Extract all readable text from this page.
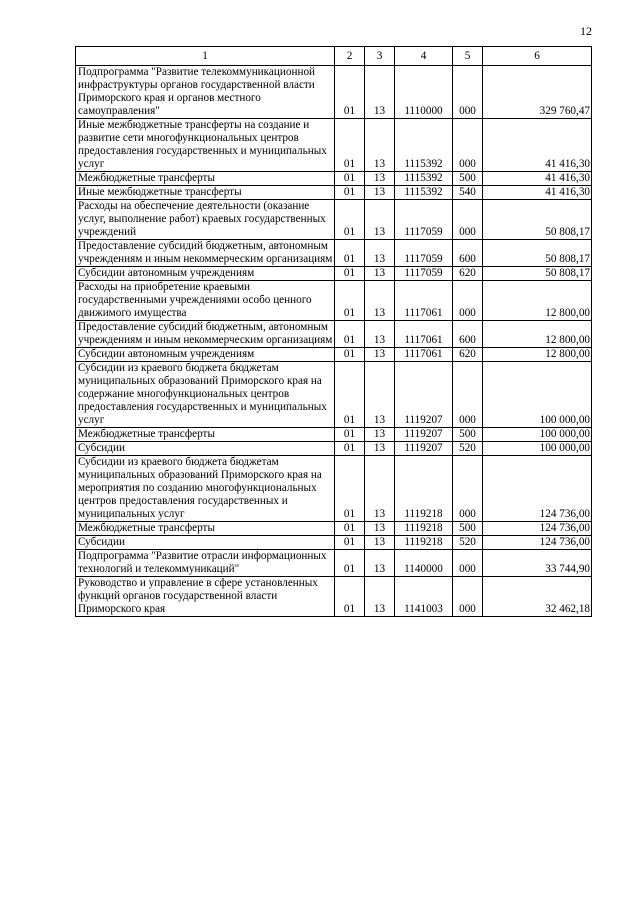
12
1	2	3	4	5	6
Подпрограмма "Развитие телекоммуникационной инфраструктуры органов государственной власти Приморского края и органов местного самоуправления"	01	13	1110000	000	329 760,47
Иные межбюджетные трансферты на создание и развитие сети многофункциональных центров предоставления государственных и муниципальных услуг	01	13	1115392	000	41 416,30
Межбюджетные трансферты	01	13	1115392	500	41 416,30
Иные межбюджетные трансферты	01	13	1115392	540	41 416,30
Расходы на обеспечение деятельности (оказание услуг, выполнение работ) краевых государственных учреждений	01	13	1117059	000	50 808,17
Предоставление субсидий бюджетным, автономным учреждениям и иным некоммерческим организациям	01	13	1117059	600	50 808,17
Субсидии автономным учреждениям	01	13	1117059	620	50 808,17
Расходы на приобретение краевыми государственными учреждениями особо ценного движимого имущества	01	13	1117061	000	12 800,00
Предоставление субсидий бюджетным, автономным учреждениям и иным некоммерческим организациям	01	13	1117061	600	12 800,00
Субсидии автономным учреждениям	01	13	1117061	620	12 800,00
Субсидии из краевого бюджета бюджетам муниципальных образований Приморского края на содержание многофункциональных центров предоставления государственных и муниципальных услуг	01	13	1119207	000	100 000,00
Межбюджетные трансферты	01	13	1119207	500	100 000,00
Субсидии	01	13	1119207	520	100 000,00
Субсидии из краевого бюджета бюджетам муниципальных образований Приморского края на мероприятия по созданию многофункциональных центров предоставления государственных и муниципальных услуг	01	13	1119218	000	124 736,00
Межбюджетные трансферты	01	13	1119218	500	124 736,00
Субсидии	01	13	1119218	520	124 736,00
Подпрограмма "Развитие отрасли информационных технологий и телекоммуникаций"	01	13	1140000	000	33 744,90
Руководство и управление в сфере установленных функций органов государственной власти Приморского края	01	13	1141003	000	32 462,18
